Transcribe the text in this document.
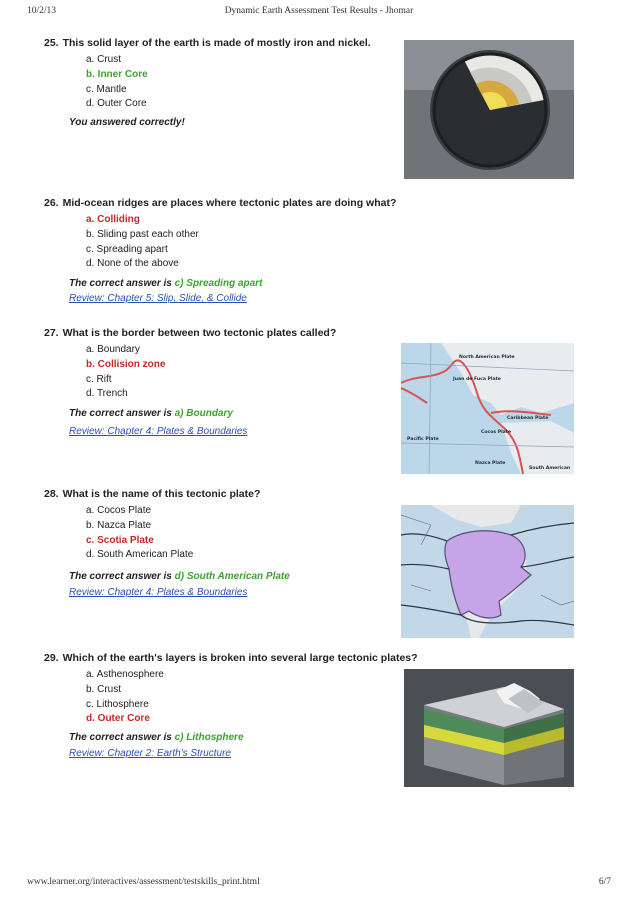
10/2/13	Dynamic Earth Assessment Test Results - Jhomar
25. This solid layer of the earth is made of mostly iron and nickel.
a. Crust
b. Inner Core
c. Mantle
d. Outer Core
You answered correctly!
26. Mid-ocean ridges are places where tectonic plates are doing what?
a. Colliding
b. Sliding past each other
c. Spreading apart
d. None of the above
The correct answer is c) Spreading apart
Review: Chapter 5: Slip, Slide, & Collide
27. What is the border between two tectonic plates called?
a. Boundary
b. Collision zone
c. Rift
d. Trench
The correct answer is a) Boundary
Review: Chapter 4: Plates & Boundaries
North American Plate
Juan de Fuca Plate
Caribbean Plate
Pacific Plate
Cocos Plate
Nazca Plate
South American
28. What is the name of this tectonic plate?
a. Cocos Plate
b. Nazca Plate
c. Scotia Plate
d. South American Plate
The correct answer is d) South American Plate
Review: Chapter 4: Plates & Boundaries
29. Which of the earth's layers is broken into several large tectonic plates?
a. Asthenosphere
b. Crust
c. Lithosphere
d. Outer Core
The correct answer is c) Lithosphere
Review: Chapter 2: Earth's Structure
www.learner.org/interactives/assessment/testskills_print.html	6/7
